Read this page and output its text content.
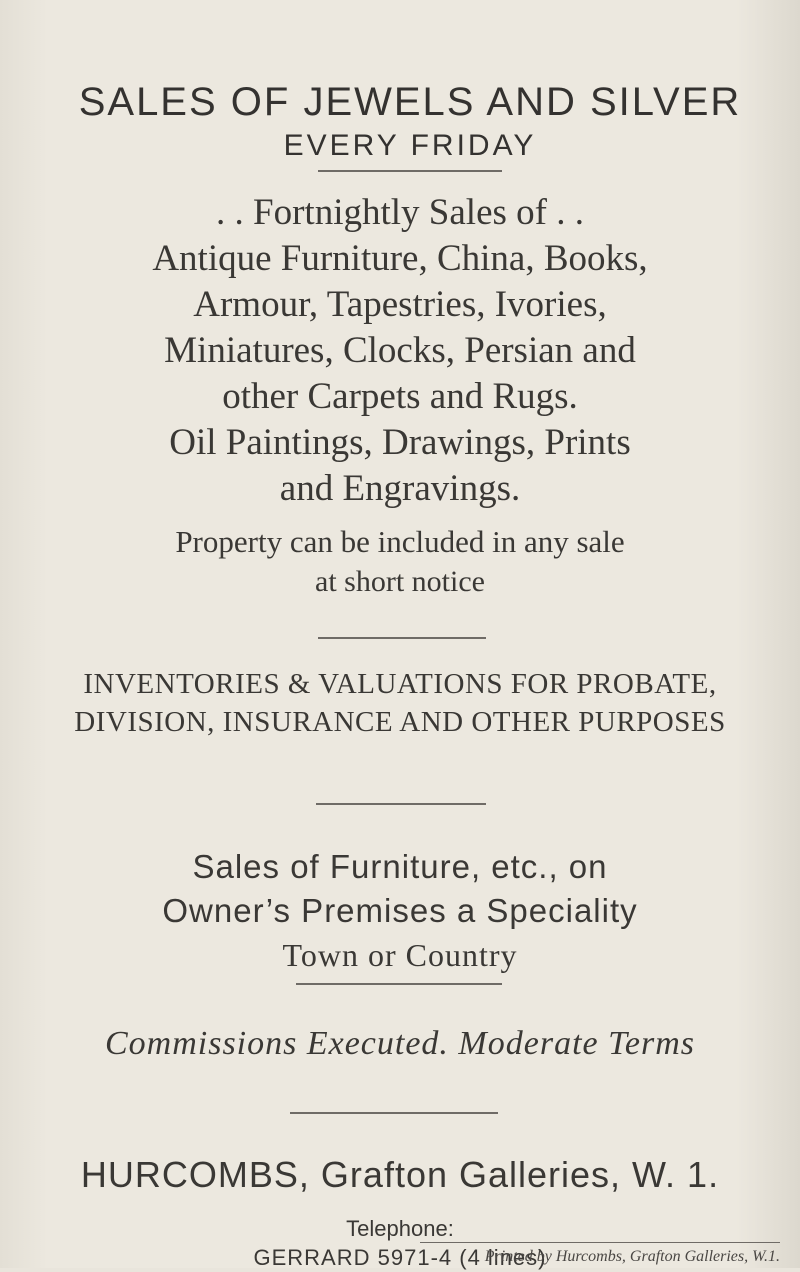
SALES OF JEWELS AND SILVER
EVERY FRIDAY
. . Fortnightly Sales of . .
Antique Furniture, China, Books,
Armour, Tapestries, Ivories,
Miniatures, Clocks, Persian and
other Carpets and Rugs.
Oil Paintings, Drawings, Prints
and Engravings.
Property can be included in any sale
at short notice
INVENTORIES & VALUATIONS FOR PROBATE,
DIVISION, INSURANCE AND OTHER PURPOSES
Sales of Furniture, etc., on
Owner’s Premises a Speciality
Town or Country
Commissions Executed. Moderate Terms
HURCOMBS, Grafton Galleries, W. 1.
Telephone:
GERRARD 5971-4 (4 lines)
Printed by Hurcombs, Grafton Galleries, W.1.
